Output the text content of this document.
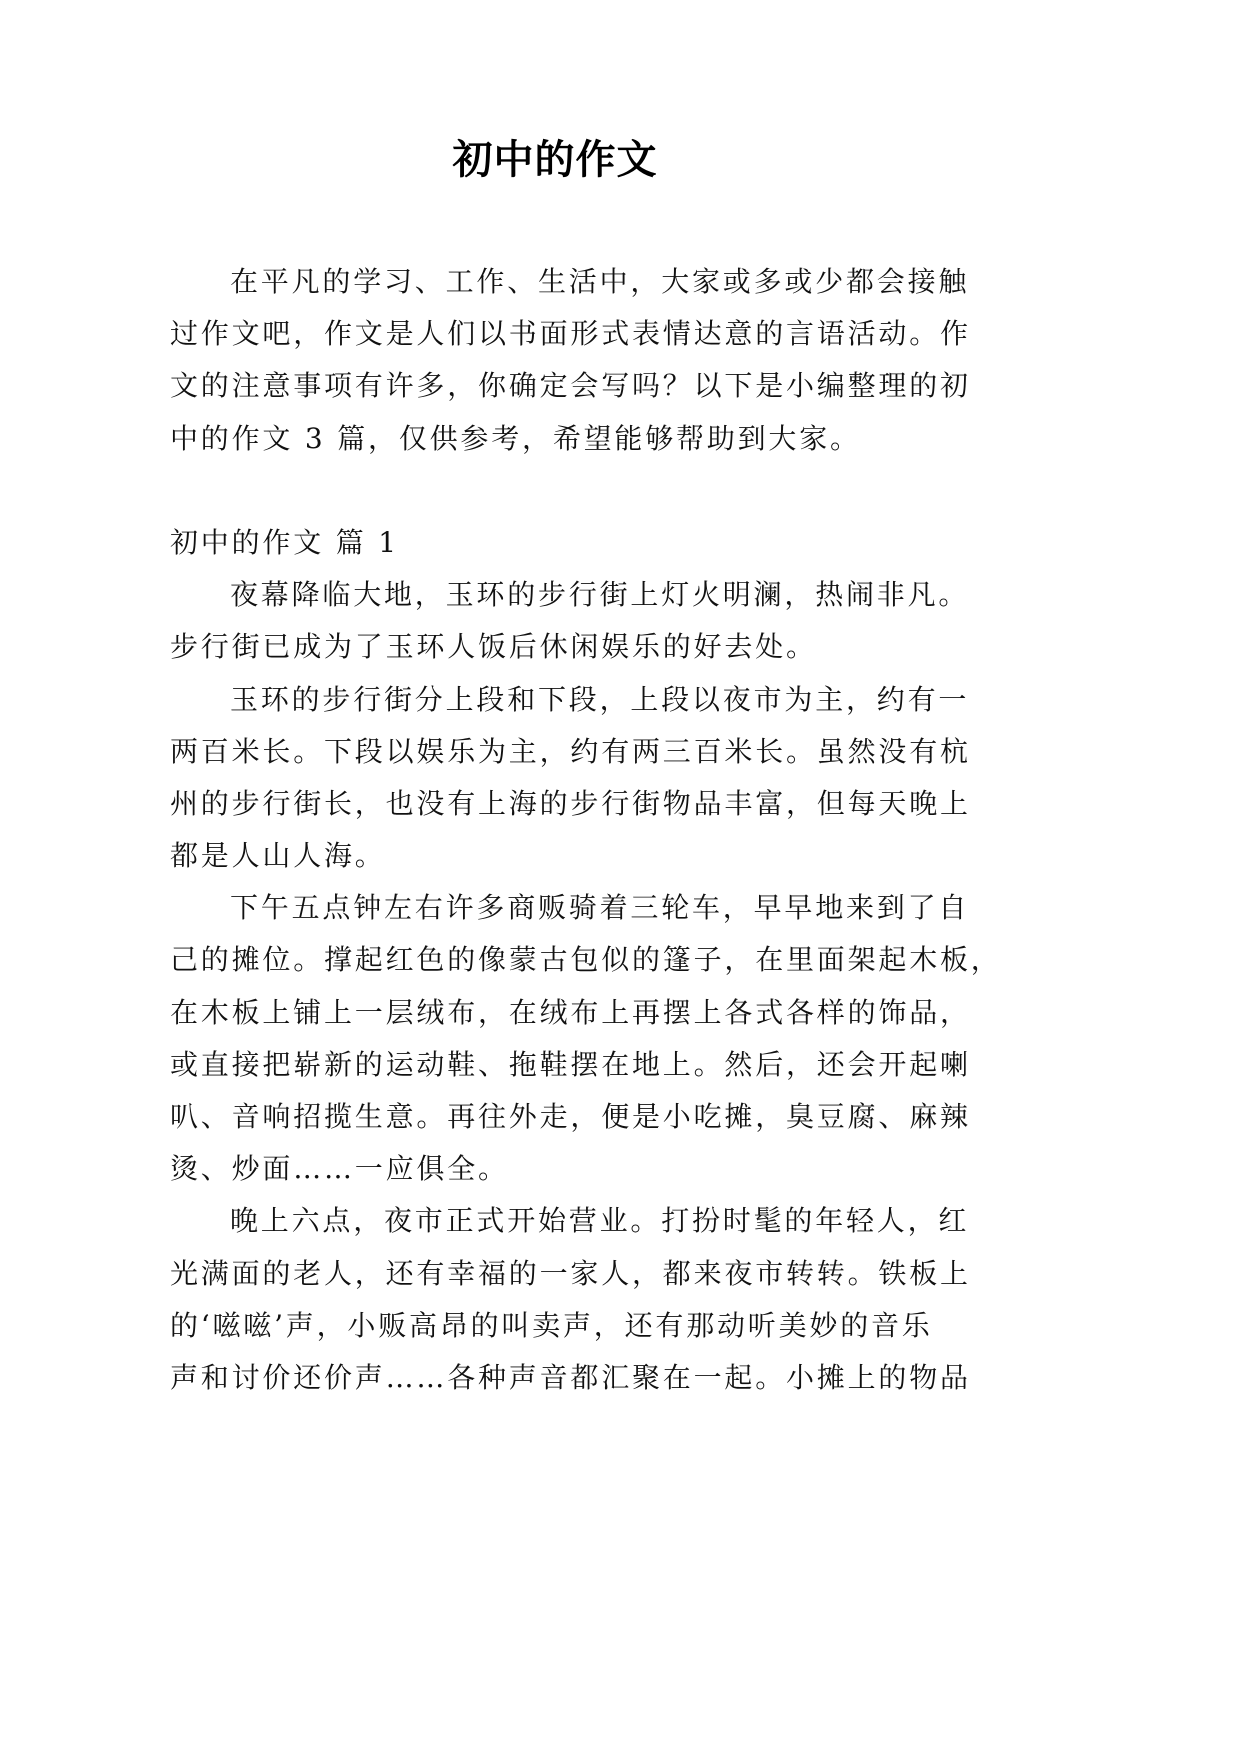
初中的作文
在平凡的学习、工作、生活中，大家或多或少都会接触
过作文吧，作文是人们以书面形式表情达意的言语活动。作
文的注意事项有许多，你确定会写吗？以下是小编整理的初
中的作文 3 篇，仅供参考，希望能够帮助到大家。
初中的作文 篇 1
夜幕降临大地，玉环的步行街上灯火明澜，热闹非凡。
步行街已成为了玉环人饭后休闲娱乐的好去处。
玉环的步行街分上段和下段，上段以夜市为主，约有一
两百米长。下段以娱乐为主，约有两三百米长。虽然没有杭
州的步行街长，也没有上海的步行街物品丰富，但每天晚上
都是人山人海。
下午五点钟左右许多商贩骑着三轮车，早早地来到了自
己的摊位。撑起红色的像蒙古包似的篷子，在里面架起木板，
在木板上铺上一层绒布，在绒布上再摆上各式各样的饰品，
或直接把崭新的运动鞋、拖鞋摆在地上。然后，还会开起喇
叭、音响招揽生意。再往外走，便是小吃摊，臭豆腐、麻辣
烫、炒面……一应俱全。
晚上六点，夜市正式开始营业。打扮时髦的年轻人，红
光满面的老人，还有幸福的一家人，都来夜市转转。铁板上
的‘嗞嗞’声，小贩高昂的叫卖声，还有那动听美妙的音乐
声和讨价还价声……各种声音都汇聚在一起。小摊上的物品
